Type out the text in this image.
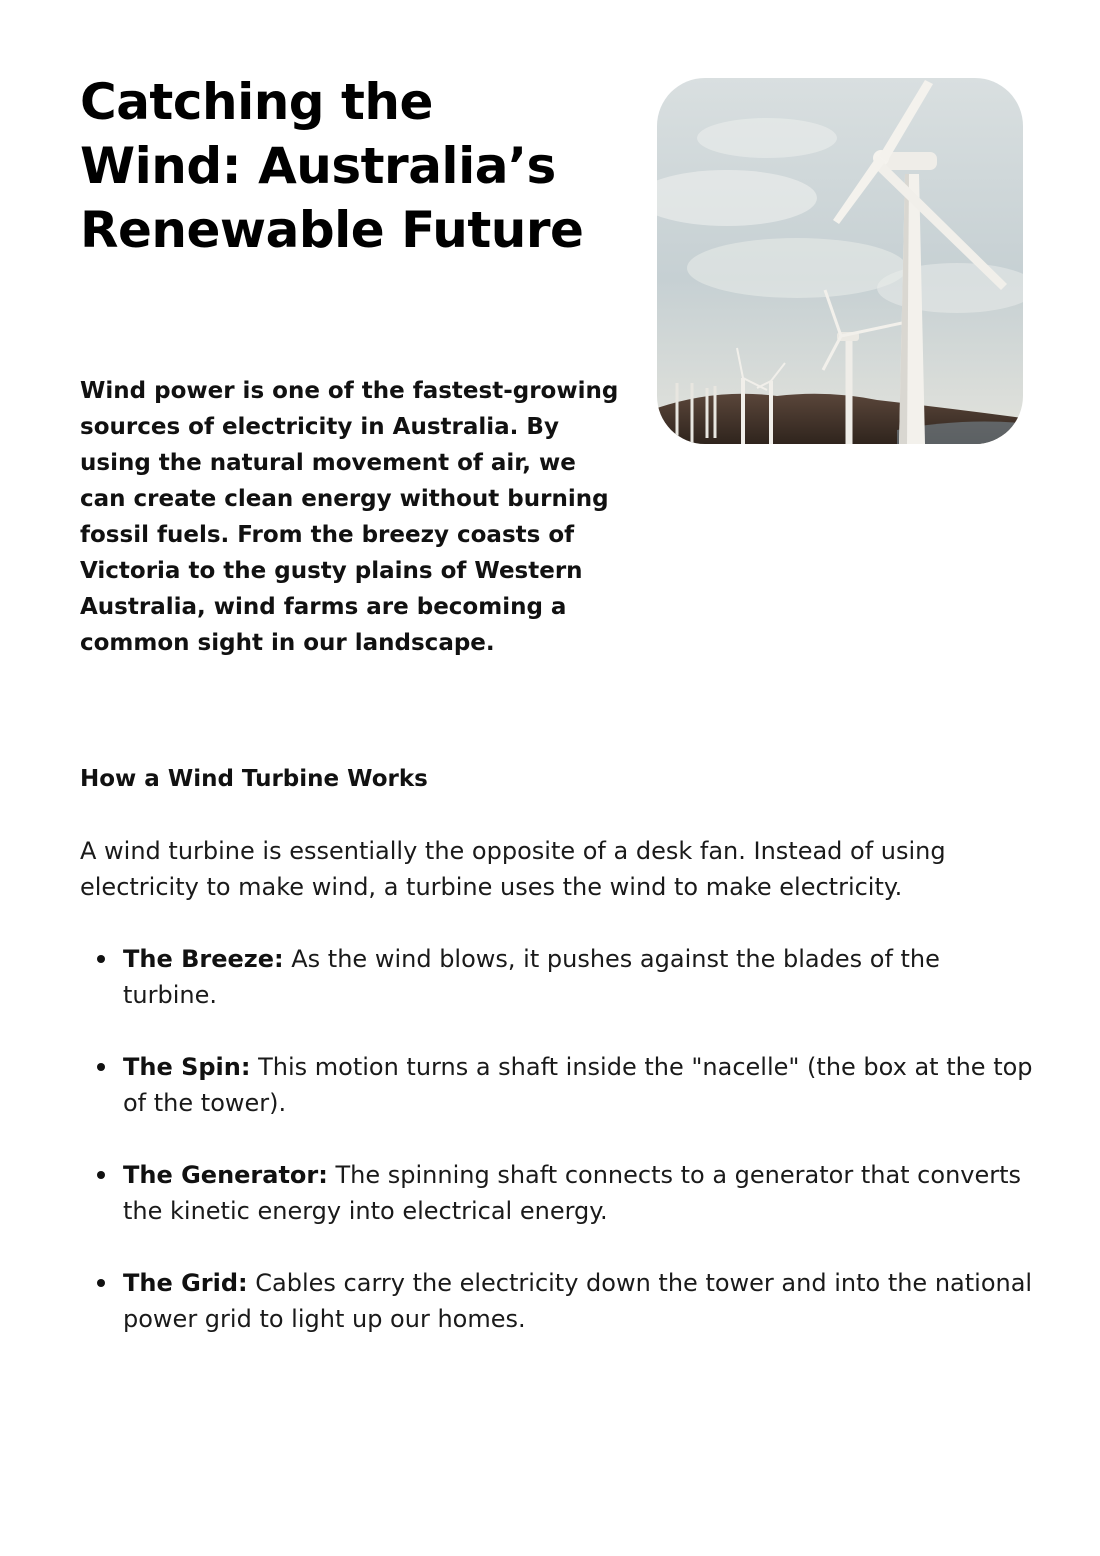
Catching the Wind: Australia’s Renewable Future

Wind power is one of the fastest-growing sources of electricity in Australia. By using the natural movement of air, we can create clean energy without burning fossil fuels. From the breezy coasts of Victoria to the gusty plains of Western Australia, wind farms are becoming a common sight in our landscape.

How a Wind Turbine Works

A wind turbine is essentially the opposite of a desk fan. Instead of using electricity to make wind, a turbine uses the wind to make electricity.

The Breeze: As the wind blows, it pushes against the blades of the turbine.
The Spin: This motion turns a shaft inside the "nacelle" (the box at the top of the tower).
The Generator: The spinning shaft connects to a generator that converts the kinetic energy into electrical energy.
The Grid: Cables carry the electricity down the tower and into the national power grid to light up our homes.
